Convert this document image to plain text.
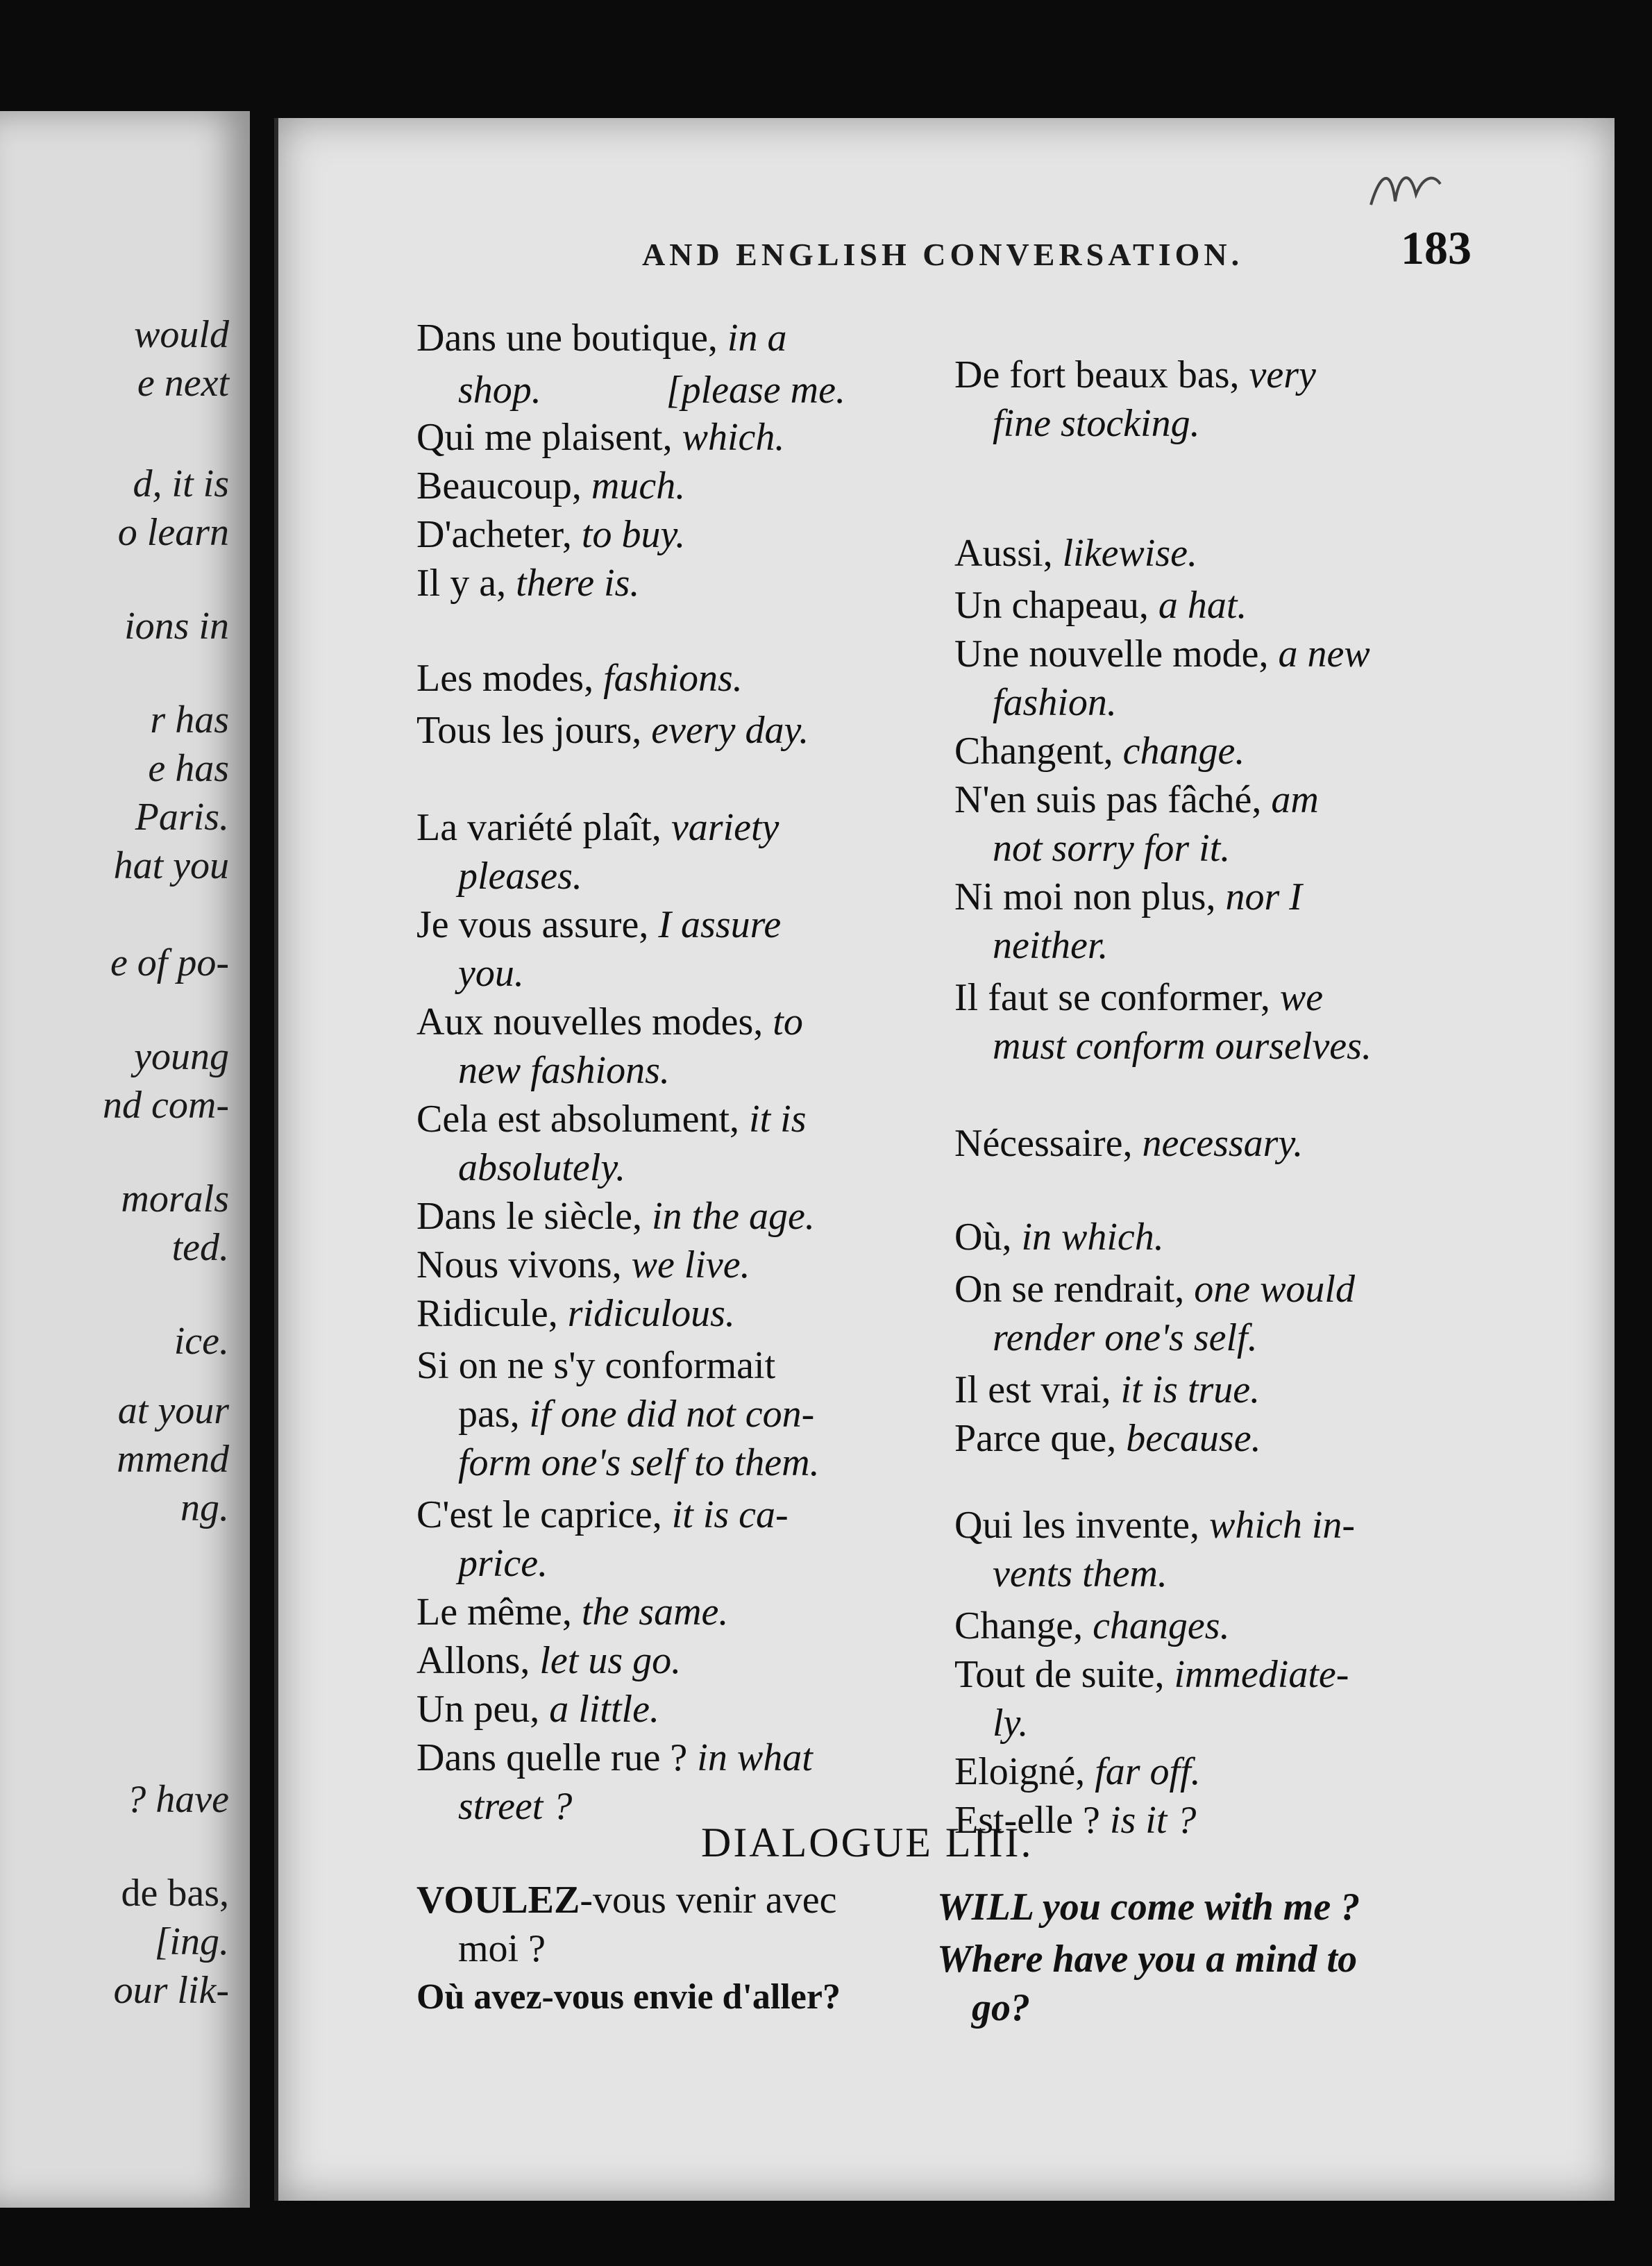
would
e next
d, it is
o learn
ions in
r has
e has
Paris.
hat you
e of po-
young
nd com-
morals
ted.
ice.
at your
mmend
ng.
? have
de bas,
[ing.
our lik-
AND ENGLISH CONVERSATION.	183
Dans une boutique, in a
shop.	[please me.
Qui me plaisent, which.
Beaucoup, much.
D'acheter, to buy.
Il y a, there is.
Les modes, fashions.
Tous les jours, every day.
La variété plaît, variety
pleases.
Je vous assure, I assure
you.
Aux nouvelles modes, to
new fashions.
Cela est absolument, it is
absolutely.
Dans le siècle, in the age.
Nous vivons, we live.
Ridicule, ridiculous.
Si on ne s'y conformait
pas, if one did not con-
form one's self to them.
C'est le caprice, it is ca-
price.
Le même, the same.
Allons, let us go.
Un peu, a little.
Dans quelle rue ? in what
street ?
De fort beaux bas, very
fine stocking.
Aussi, likewise.
Un chapeau, a hat.
Une nouvelle mode, a new
fashion.
Changent, change.
N'en suis pas fâché, am
not sorry for it.
Ni moi non plus, nor I
neither.
Il faut se conformer, we
must conform ourselves.
Nécessaire, necessary.
Où, in which.
On se rendrait, one would
render one's self.
Il est vrai, it is true.
Parce que, because.
Qui les invente, which in-
vents them.
Change, changes.
Tout de suite, immediate-
ly.
Eloigné, far off.
Est-elle ? is it ?
DIALOGUE LIII.
VOULEZ-vous venir avec
moi ?
Où avez-vous envie d'aller?
WILL you come with me ?
Where have you a mind to
go?
